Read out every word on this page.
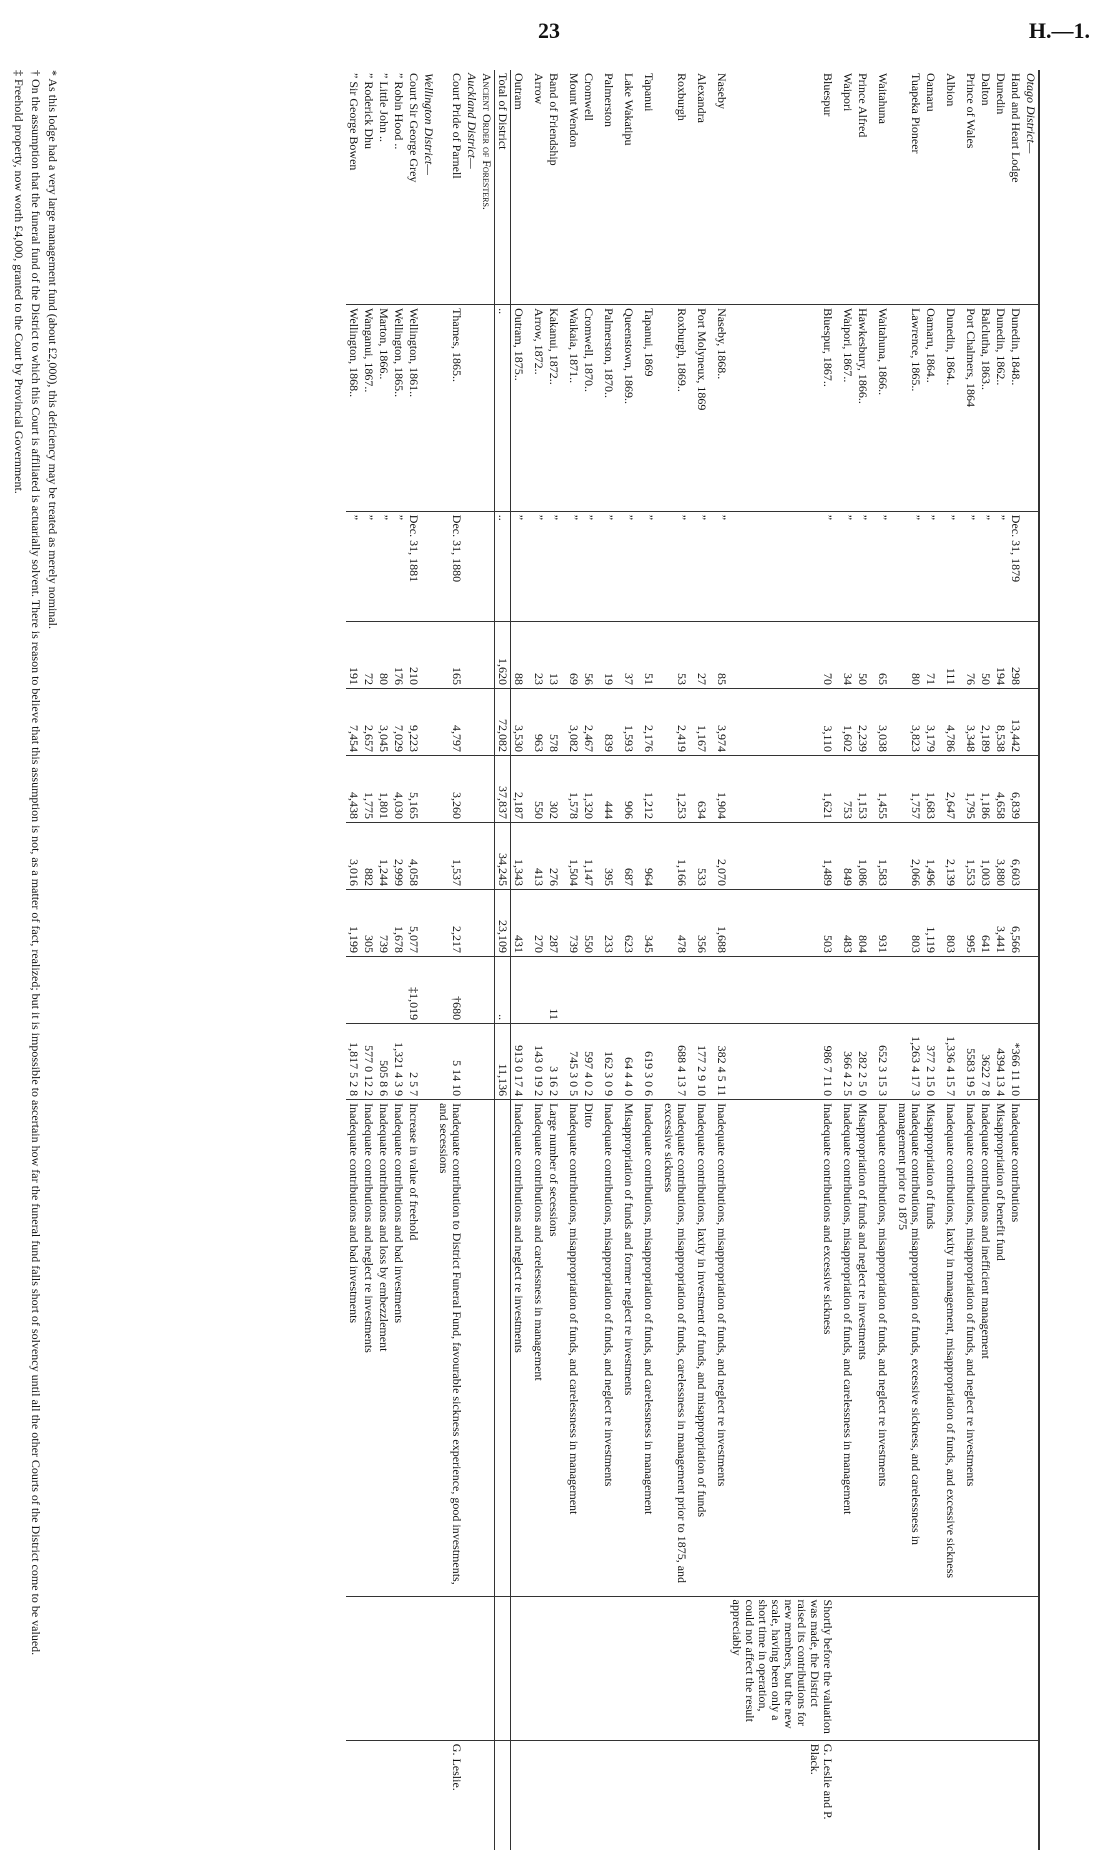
23	H.—1.
Otago District—												
Hand and Heart Lodge	Dunedin, 1848..	Dec. 31, 1879	298	13,442	6,839	6,603	6,566		*366 11 10	Inadequate contributions		
Dunedin	Dunedin, 1862..	”	194	8,538	4,658	3,880	3,441		4394 13 4	Misappropriation of benefit fund		
Dalton	Balclutha, 1863..	”	50	2,189	1,186	1,003	641		3622 7 8	Inadequate contributions and inefficient management		
Prince of Wales	Port Chalmers, 1864	”	76	3,348	1,795	1,553	995		5583 19 5	Inadequate contributions, misappropriation of funds, and neglect re investments		
Albion	Dunedin, 1864..	”	111	4,786	2,647	2,139	803		1,336 4 15 7	Inadequate contributions, laxity in management, misappropriation of funds, and excessive sickness		
Oamaru	Oamaru, 1864..	”	71	3,179	1,683	1,496	1,119		377 2 15 0	Misappropriation of funds		
Tuapeka Pioneer	Lawrence, 1865..	”	80	3,823	1,757	2,066	803		1,263 4 17 3	Inadequate contributions, misappropriation of funds, excessive sickness, and carelessness in management prior to 1875		
Waitahuna	Waitahuna, 1866..	”	65	3,038	1,455	1,583	931		652 3 15 3	Inadequate contributions, misappropriation of funds, and neglect re investments		
Prince Alfred	Hawkesbury, 1866..	”	50	2,239	1,153	1,086	804		282 2 5 0	Misappropriation of funds and neglect re investments		
Waipori	Waipori, 1867..	”	34	1,602	753	849	483		366 4 2 5	Inadequate contributions, misappropriation of funds, and carelessness in management		
Bluespur	Bluespur, 1867..	”	70	3,110	1,621	1,489	503		986 7 11 0	Inadequate contributions and excessive sickness	Shortly before the valuation was made, the District raised its contributions for new members, but the new scale, having been only a short time in operation, could not affect the result appreciably	G. Leslie and P. Black.
Naseby	Naseby, 1868..	”	85	3,974	1,904	2,070	1,688		382 4 5 11	Inadequate contributions, misappropriation of funds, and neglect re investments		
Alexandra	Port Molyneux, 1869	”	27	1,167	634	533	356		177 2 9 10	Inadequate contributions, laxity in investment of funds, and misappropriation of funds		
Roxburgh	Roxburgh, 1869..	”	53	2,419	1,253	1,166	478		688 4 13 7	Inadequate contributions, misappropriation of funds, carelessness in management prior to 1875, and excessive sickness		
Tapanui	Tapanui, 1869	”	51	2,176	1,212	964	345		619 3 0 6	Inadequate contributions, misappropriation of funds, and carelessness in management		
Lake Wakatipu	Queenstown, 1869..	”	37	1,593	906	687	623		64 4 4 0	Misappropriation of funds and former neglect re investments		
Palmerston	Palmerston, 1870..	”	19	839	444	395	233		162 3 0 9	Inadequate contributions, misappropriation of funds, and neglect re investments		
Cromwell	Cromwell, 1870..	”	56	2,467	1,320	1,147	550		597 4 0 2	Ditto		
Mount Wendon	Waikaia, 1871..	”	69	3,082	1,578	1,504	739		745 3 0 5	Inadequate contributions, misappropriation of funds, and carelessness in management		
Band of Friendship	Kakanui, 1872..	”	13	578	302	276	287	11	3 16 2	Large number of secessions		
Arrow	Arrow, 1872..	”	23	963	550	413	270		143 0 19 2	Inadequate contributions and carelessness in management		
Outram	Outram, 1875..	”	88	3,530	2,187	1,343	431		913 0 17 4	Inadequate contributions and neglect re investments		
Total of District	..	..	1,620	72,082	37,837	34,245	23,109	..	11,136			
Ancient Order of Foresters.												
Auckland District—												
Court Pride of Parnell	Thames, 1865..	Dec. 31, 1880	165	4,797	3,260	1,537	2,217	†680	5 14 10	Inadequate contribution to District Funeral Fund, favourable sickness experience, good investments, and secessions		G. Leslie.
Wellington District—												
Court Sir George Grey	Wellington, 1861..	Dec. 31, 1881	210	9,223	5,165	4,058	5,077	‡1,019	2 5 7	Increase in value of freehold		
” Robin Hood ..	Wellington, 1865..	”	176	7,029	4,030	2,999	1,678		1,321 4 3 9	Inadequate contributions and bad investments		
” Little John ..	Marton, 1866..	”	80	3,045	1,801	1,244	739		505 8 6	Inadequate contributions and loss by embezzlement		
” Roderick Dhu	Wanganui, 1867..	”	72	2,657	1,775	882	305		577 0 12 2	Inadequate contributions and neglect re investments		
” Sir George Bowen	Wellington, 1868..	”	191	7,454	4,438	3,016	1,199		1,817 5 2 8	Inadequate contributions and bad investments		
* As this lodge had a very large management fund (about £2,000), this deficiency may be treated as merely nominal.
† On the assumption that the funeral fund of the District to which this Court is affiliated is actuarially solvent. There is reason to believe that this assumption is not, as a matter of fact, realized; but it is impossible to ascertain how far the funeral fund falls short of solvency until all the other Courts of the District come to be valued.
‡ Freehold property, now worth £4,000, granted to the Court by Provincial Government.
